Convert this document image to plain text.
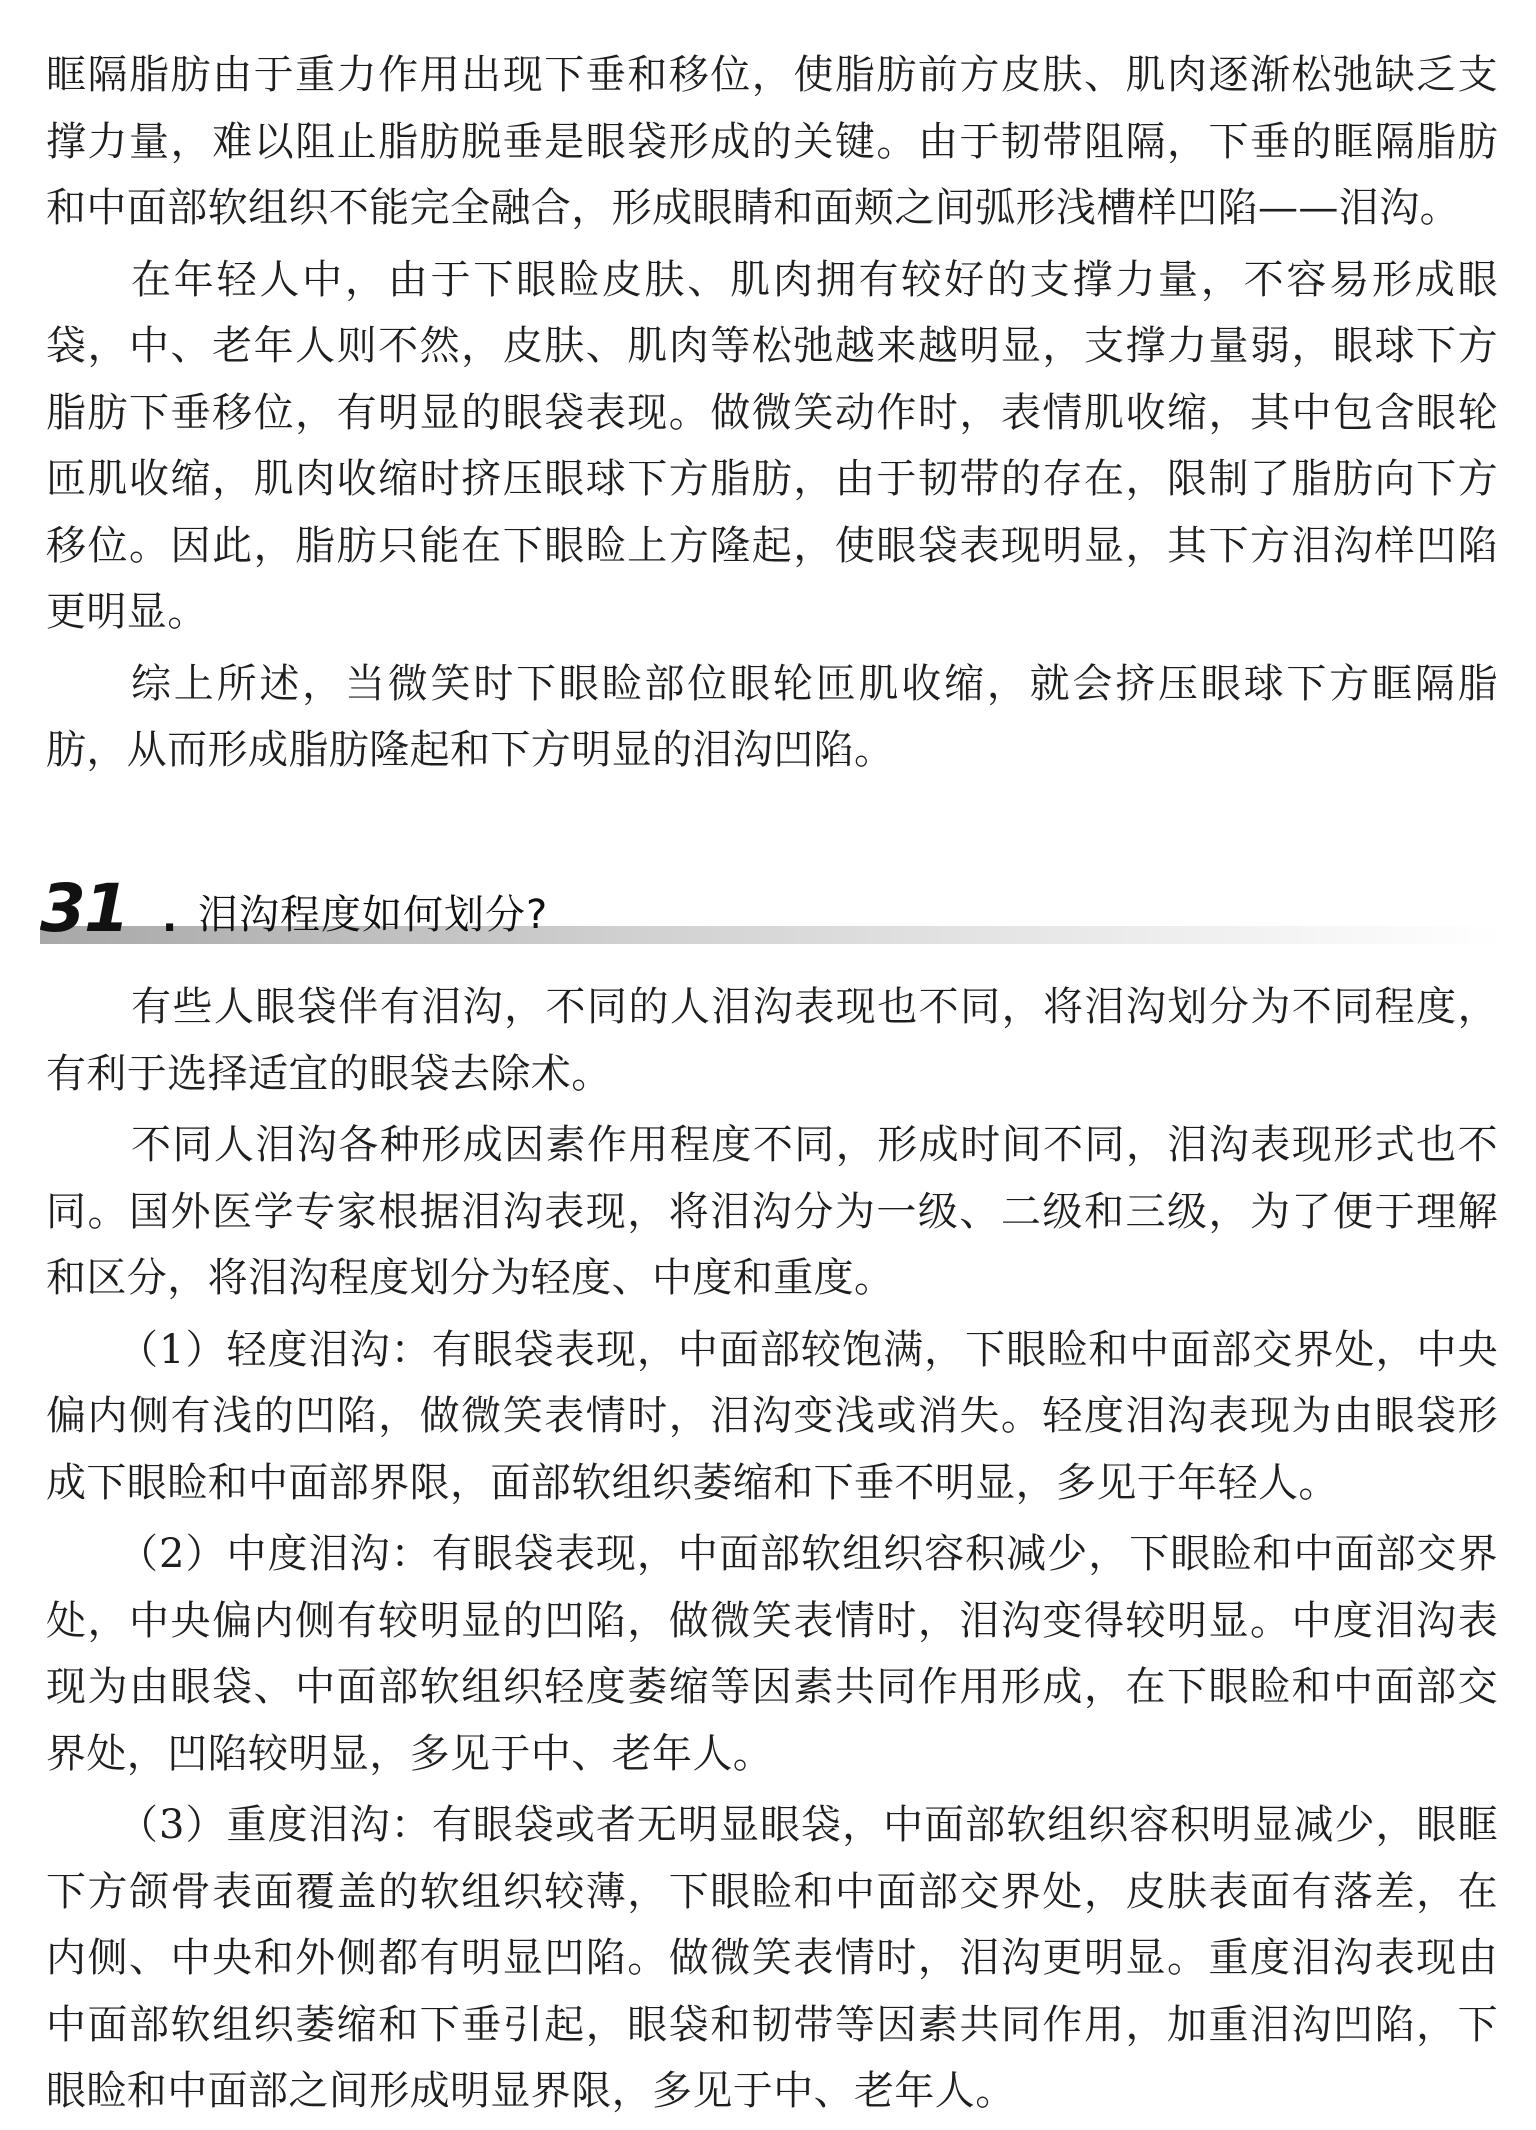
眶隔脂肪由于重力作用出现下垂和移位，使脂肪前方皮肤、肌肉逐渐松弛缺乏支撑力量，难以阻止脂肪脱垂是眼袋形成的关键。由于韧带阻隔，下垂的眶隔脂肪和中面部软组织不能完全融合，形成眼睛和面颊之间弧形浅槽样凹陷——泪沟。

在年轻人中，由于下眼睑皮肤、肌肉拥有较好的支撑力量，不容易形成眼袋，中、老年人则不然，皮肤、肌肉等松弛越来越明显，支撑力量弱，眼球下方脂肪下垂移位，有明显的眼袋表现。做微笑动作时，表情肌收缩，其中包含眼轮匝肌收缩，肌肉收缩时挤压眼球下方脂肪，由于韧带的存在，限制了脂肪向下方移位。因此，脂肪只能在下眼睑上方隆起，使眼袋表现明显，其下方泪沟样凹陷更明显。

综上所述，当微笑时下眼睑部位眼轮匝肌收缩，就会挤压眼球下方眶隔脂肪，从而形成脂肪隆起和下方明显的泪沟凹陷。

31 . 泪沟程度如何划分?

有些人眼袋伴有泪沟，不同的人泪沟表现也不同，将泪沟划分为不同程度，有利于选择适宜的眼袋去除术。

不同人泪沟各种形成因素作用程度不同，形成时间不同，泪沟表现形式也不同。国外医学专家根据泪沟表现，将泪沟分为一级、二级和三级，为了便于理解和区分，将泪沟程度划分为轻度、中度和重度。

（1）轻度泪沟：有眼袋表现，中面部较饱满，下眼睑和中面部交界处，中央偏内侧有浅的凹陷，做微笑表情时，泪沟变浅或消失。轻度泪沟表现为由眼袋形成下眼睑和中面部界限，面部软组织萎缩和下垂不明显，多见于年轻人。

（2）中度泪沟：有眼袋表现，中面部软组织容积减少，下眼睑和中面部交界处，中央偏内侧有较明显的凹陷，做微笑表情时，泪沟变得较明显。中度泪沟表现为由眼袋、中面部软组织轻度萎缩等因素共同作用形成，在下眼睑和中面部交界处，凹陷较明显，多见于中、老年人。

（3）重度泪沟：有眼袋或者无明显眼袋，中面部软组织容积明显减少，眼眶下方颌骨表面覆盖的软组织较薄，下眼睑和中面部交界处，皮肤表面有落差，在内侧、中央和外侧都有明显凹陷。做微笑表情时，泪沟更明显。重度泪沟表现由中面部软组织萎缩和下垂引起，眼袋和韧带等因素共同作用，加重泪沟凹陷，下眼睑和中面部之间形成明显界限，多见于中、老年人。
